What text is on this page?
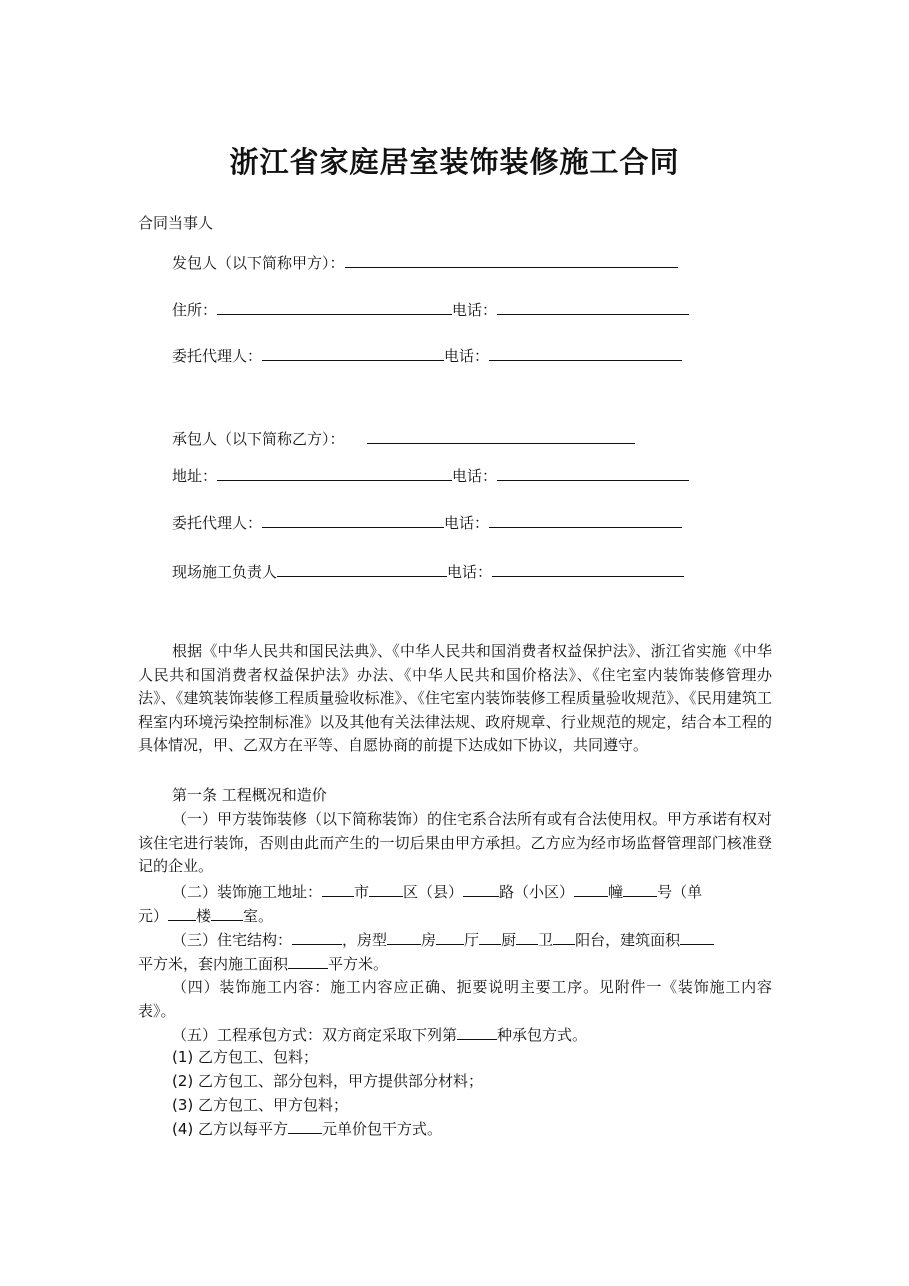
浙江省家庭居室装饰装修施工合同
合同当事人
发包人（以下简称甲方）：
住所：	电话：
委托代理人：	电话：
承包人（以下简称乙方）：
地址：	电话：
委托代理人：	电话：
现场施工负责人	电话：
根据《中华人民共和国民法典》、《中华人民共和国消费者权益保护法》、浙江省实施《中华人民共和国消费者权益保护法》办法、《中华人民共和国价格法》、《住宅室内装饰装修管理办法》、《建筑装饰装修工程质量验收标准》、《住宅室内装饰装修工程质量验收规范》、《民用建筑工程室内环境污染控制标准》以及其他有关法律法规、政府规章、行业规范的规定，结合本工程的具体情况，甲、乙双方在平等、自愿协商的前提下达成如下协议，共同遵守。
第一条 工程概况和造价
（一）甲方装饰装修（以下简称装饰）的住宅系合法所有或有合法使用权。甲方承诺有权对该住宅进行装饰，否则由此而产生的一切后果由甲方承担。乙方应为经市场监督管理部门核准登记的企业。
（二）装饰施工地址： 市 区（县） 路（小区） 幢 号（单
元） 楼 室。
（三）住宅结构：	，房型 房 厅 厨 卫 阳台，建筑面积
平方米，套内施工面积	平方米。
（四）装饰施工内容：施工内容应正确、扼要说明主要工序。见附件一《装饰施工内容表》。
（五）工程承包方式：双方商定采取下列第	种承包方式。
(1) 乙方包工、包料；
(2) 乙方包工、部分包料，甲方提供部分材料；
(3) 乙方包工、甲方包料；
(4) 乙方以每平方 元单价包干方式。
